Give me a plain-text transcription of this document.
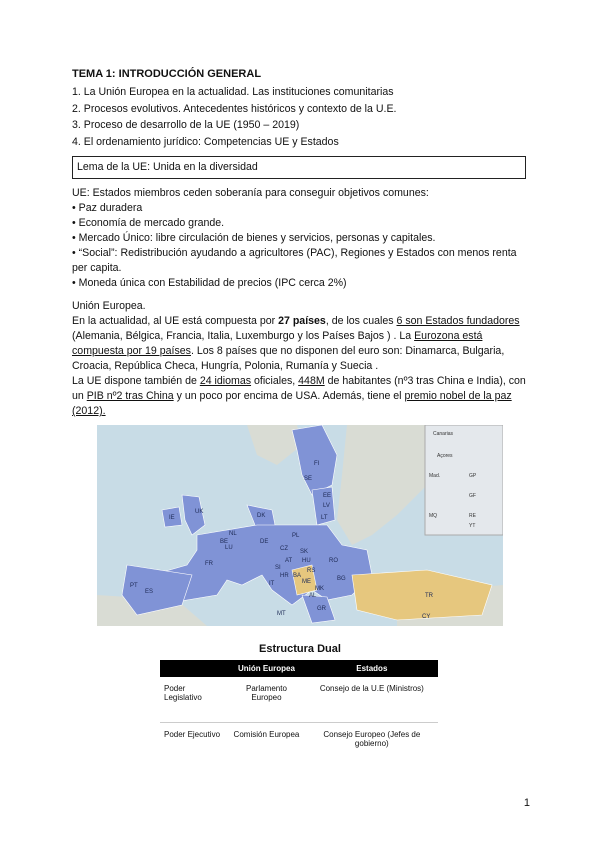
TEMA 1: INTRODUCCIÓN GENERAL

1. La Unión Europea en la actualidad. Las instituciones comunitarias

2. Procesos evolutivos. Antecedentes históricos y contexto de la U.E.

3. Proceso de desarrollo de la UE (1950 – 2019)

4. El ordenamiento jurídico: Competencias UE y Estados

Lema de la UE: Unida en la diversidad

UE: Estados miembros ceden soberanía para conseguir objetivos comunes:

• Paz duradera

• Economía de mercado grande.

• Mercado Único: libre circulación de bienes y servicios, personas y capitales.

• “Social”: Redistribución ayudando a agricultores (PAC), Regiones y Estados con menos renta per capita.

• Moneda única con Estabilidad de precios (IPC cerca 2%)

Unión Europea.

En la actualidad, al UE está compuesta por 27 países, de los cuales 6 son Estados fundadores (Alemania, Bélgica, Francia, Italia, Luxemburgo y los Países Bajos ) . La Eurozona está compuesta por 19 países. Los 8 países que no disponen del euro son: Dinamarca, Bulgaria, Croacia, República Checa, Hungría, Polonia, Rumanía y Suecia .

La UE dispone también de 24 idiomas oficiales, 448M de habitantes (nº3 tras China e India), con un PIB nº2 tras China y un poco por encima de USA. Además, tiene el premio nobel de la paz (2012).

FI
SE
EE
LV
LT
DK
IE
UK
NL
BE
LU
DE
PL
CZ SK
AT HU
SI
HR
RO
BG
FR
IT
ES
PT
MT
GR
CY
TR
RS
ME
MK
AL
BA
Canarias
Açores
Mad.	GP
MQ	RE
GF
YT
Estructura Dual
	Unión Europea	Estados
Poder Legislativo	Parlamento Europeo	Consejo de la U.E (Ministros)
Poder Ejecutivo	Comisión Europea	Consejo Europeo (Jefes de gobierno)
1
